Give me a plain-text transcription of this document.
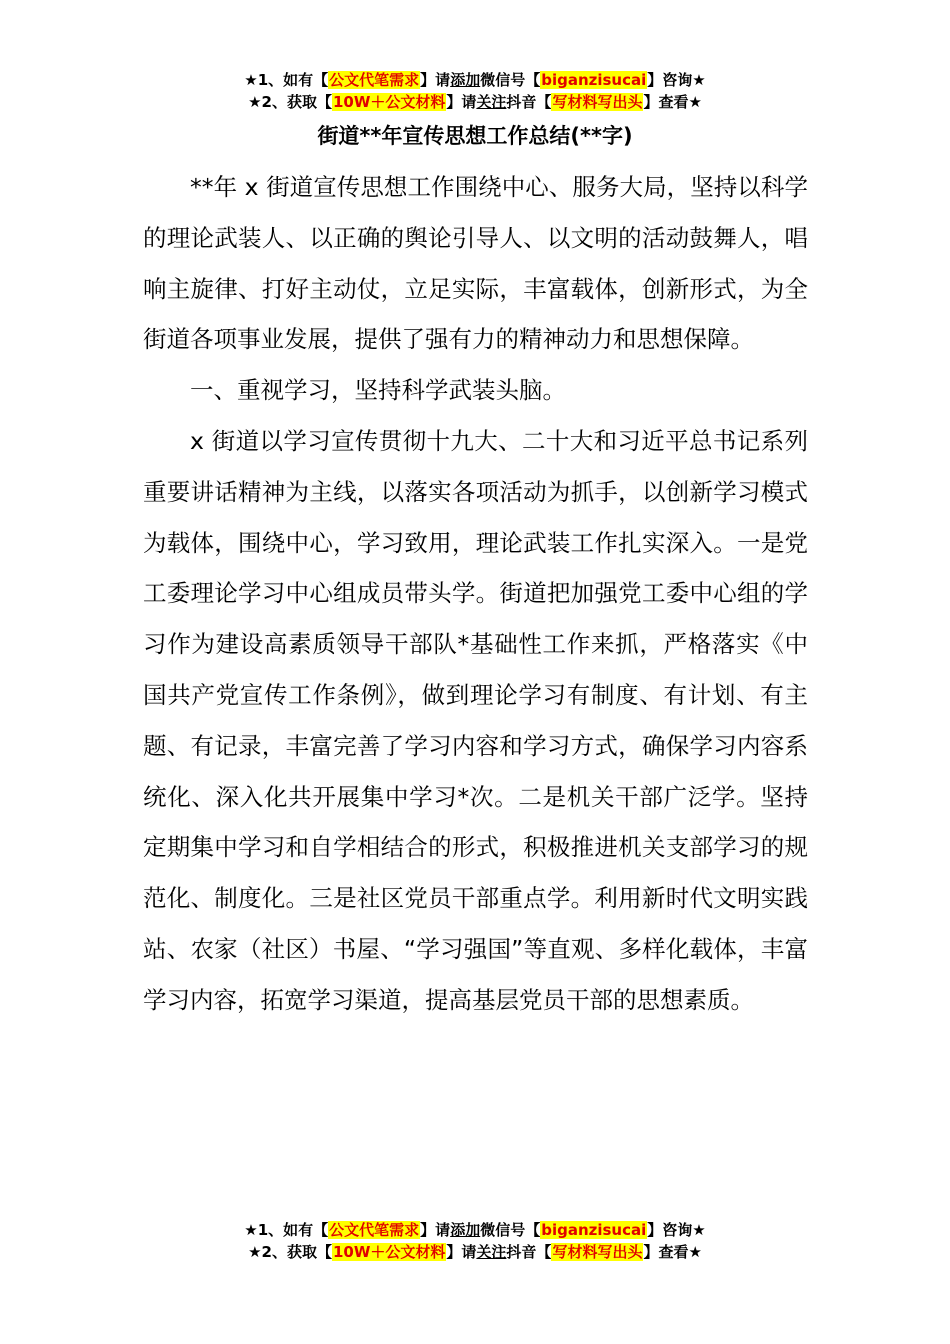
★1、如有【公文代笔需求】请添加微信号【biganzisucai】咨询★
★2、获取【10W＋公文材料】请关注抖音【写材料写出头】查看★
街道**年宣传思想工作总结(**字)

**年 x 街道宣传思想工作围绕中心、服务大局，坚持以科学的理论武装人、以正确的舆论引导人、以文明的活动鼓舞人，唱响主旋律、打好主动仗，立足实际，丰富载体，创新形式，为全街道各项事业发展，提供了强有力的精神动力和思想保障。

一、重视学习，坚持科学武装头脑。

x 街道以学习宣传贯彻十九大、二十大和习近平总书记系列重要讲话精神为主线，以落实各项活动为抓手，以创新学习模式为载体，围绕中心，学习致用，理论武装工作扎实深入。一是党工委理论学习中心组成员带头学。街道把加强党工委中心组的学习作为建设高素质领导干部队*基础性工作来抓，严格落实《中国共产党宣传工作条例》，做到理论学习有制度、有计划、有主题、有记录，丰富完善了学习内容和学习方式，确保学习内容系统化、深入化共开展集中学习*次。二是机关干部广泛学。坚持定期集中学习和自学相结合的形式，积极推进机关支部学习的规范化、制度化。三是社区党员干部重点学。利用新时代文明实践站、农家（社区）书屋、“学习强国”等直观、多样化载体，丰富学习内容，拓宽学习渠道，提高基层党员干部的思想素质。

★1、如有【公文代笔需求】请添加微信号【biganzisucai】咨询★
★2、获取【10W＋公文材料】请关注抖音【写材料写出头】查看★
